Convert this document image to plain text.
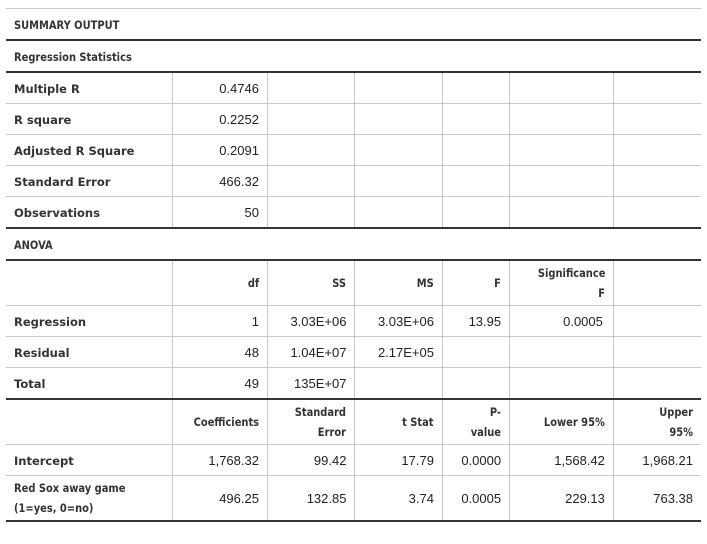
SUMMARY OUTPUT						
Regression Statistics						
Multiple R	0.4746					
R square	0.2252					
Adjusted R Square	0.2091					
Standard Error	466.32					
Observations	50					
ANOVA						
	df	SS	MS	F	Significance F	
Regression	1	3.03E+06	3.03E+06	13.95	0.0005	
Residual	48	1.04E+07	2.17E+05			
Total	49	135E+07				
	Coefficients	Standard Error	t Stat	P-value	Lower 95%	Upper 95%
Intercept	1,768.32	99.42	17.79	0.0000	1,568.42	1,968.21
Red Sox away game (1=yes, 0=no)	496.25	132.85	3.74	0.0005	229.13	763.38
